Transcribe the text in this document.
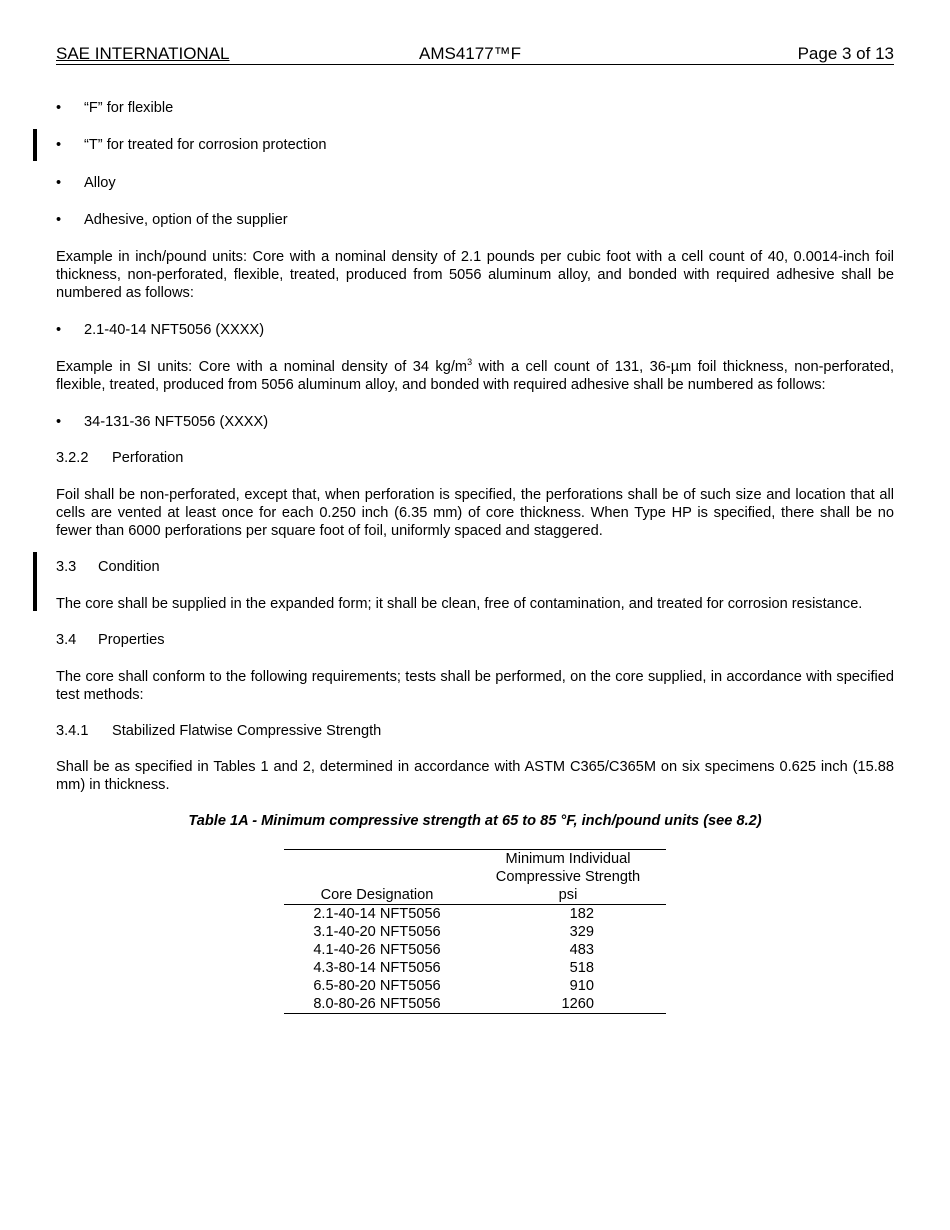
SAE INTERNATIONAL	AMS4177™F	Page 3 of 13
• “F” for flexible
• “T” for treated for corrosion protection
• Alloy
• Adhesive, option of the supplier
Example in inch/pound units: Core with a nominal density of 2.1 pounds per cubic foot with a cell count of 40, 0.0014-inch foil thickness, non-perforated, flexible, treated, produced from 5056 aluminum alloy, and bonded with required adhesive shall be numbered as follows:
• 2.1-40-14 NFT5056 (XXXX)
Example in SI units: Core with a nominal density of 34 $kg/m^3$ with a cell count of 131, 36-µm foil thickness, non-perforated, flexible, treated, produced from 5056 aluminum alloy, and bonded with required adhesive shall be numbered as follows:
• 34-131-36 NFT5056 (XXXX)
3.2.2 Perforation
Foil shall be non-perforated, except that, when perforation is specified, the perforations shall be of such size and location that all cells are vented at least once for each 0.250 inch (6.35 mm) of core thickness. When Type HP is specified, there shall be no fewer than 6000 perforations per square foot of foil, uniformly spaced and staggered.
3.3 Condition
The core shall be supplied in the expanded form; it shall be clean, free of contamination, and treated for corrosion resistance.
3.4 Properties
The core shall conform to the following requirements; tests shall be performed, on the core supplied, in accordance with specified test methods:
3.4.1 Stabilized Flatwise Compressive Strength
Shall be as specified in Tables 1 and 2, determined in accordance with ASTM C365/C365M on six specimens 0.625 inch (15.88 mm) in thickness.
Table 1A - Minimum compressive strength at 65 to 85 °F, inch/pound units (see 8.2)
Core Designation	Minimum Individual
Compressive Strength
psi

2.1-40-14 NFT5056	182
3.1-40-20 NFT5056	329
4.1-40-26 NFT5056	483
4.3-80-14 NFT5056	518
6.5-80-20 NFT5056	910
8.0-80-26 NFT5056	1260
